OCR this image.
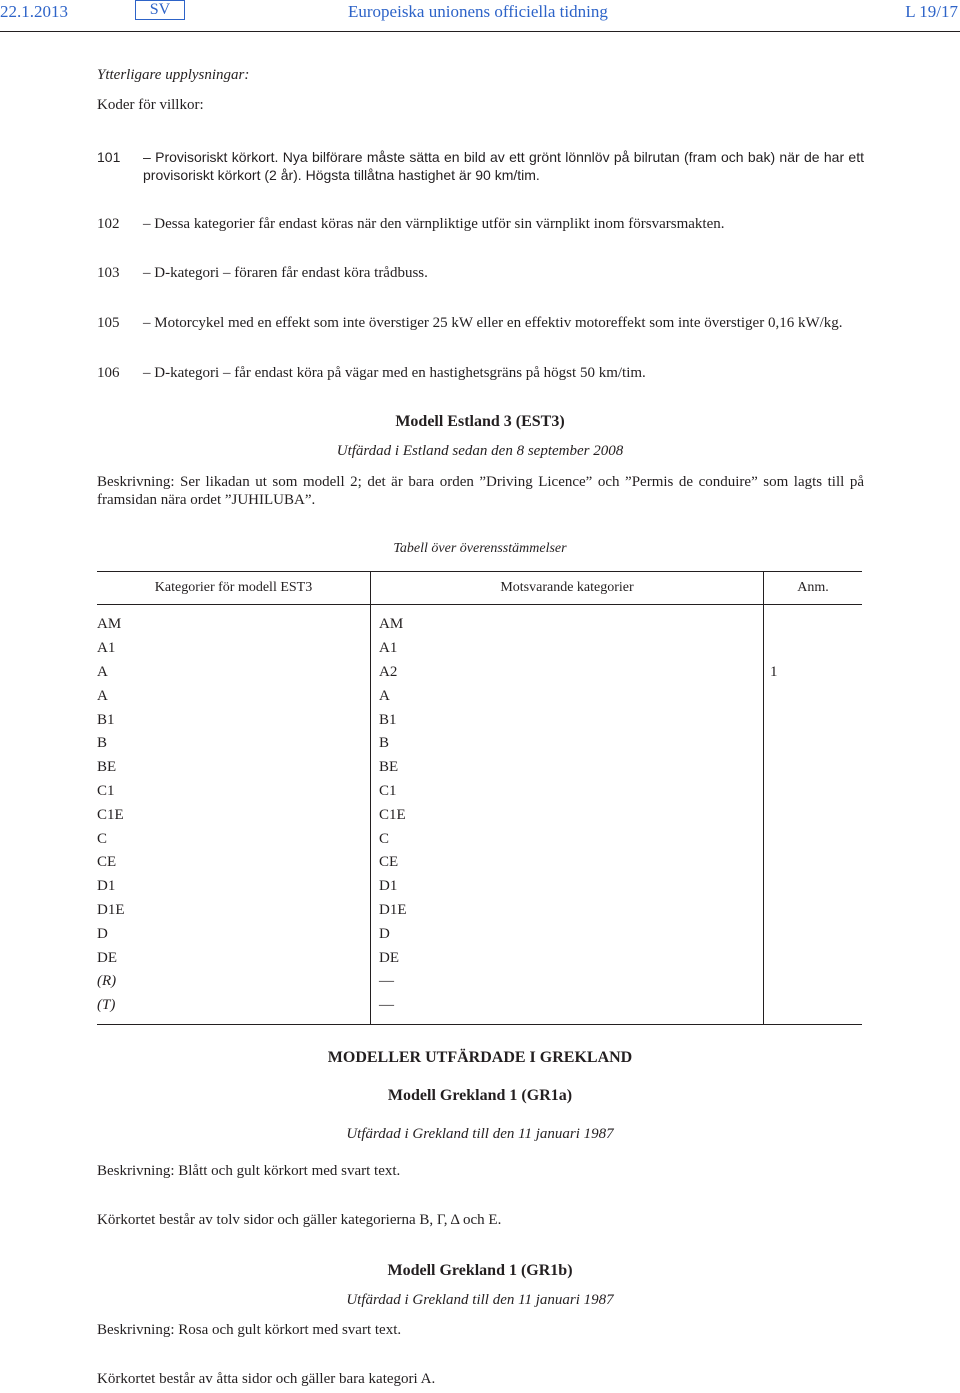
22.1.2013	SV	Europeiska unionens officiella tidning	L 19/17
Ytterligare upplysningar:
Koder för villkor:
101	– Provisoriskt körkort. Nya bilförare måste sätta en bild av ett grönt lönnlöv på bilrutan (fram och bak) när de har ett provisoriskt körkort (2 år). Högsta tillåtna hastighet är 90 km/tim.
102	– Dessa kategorier får endast köras när den värnpliktige utför sin värnplikt inom försvarsmakten.
103	– D-kategori – föraren får endast köra trådbuss.
105	– Motorcykel med en effekt som inte överstiger 25 kW eller en effektiv motoreffekt som inte överstiger 0,16 kW/kg.
106	– D-kategori – får endast köra på vägar med en hastighetsgräns på högst 50 km/tim.
Modell Estland 3 (EST3)
Utfärdad i Estland sedan den 8 september 2008
Beskrivning: Ser likadan ut som modell 2; det är bara orden ”Driving Licence” och ”Permis de conduire” som lagts till på framsidan nära ordet ”JUHILUBA”.
Tabell över överensstämmelser
Kategorier för modell EST3	Motsvarande kategorier	Anm.
AM	AM	
A1	A1	
A	A2	1
A	A	
B1	B1	
B	B	
BE	BE	
C1	C1	
C1E	C1E	
C	C	
CE	CE	
D1	D1	
D1E	D1E	
D	D	
DE	DE	
(R)	—	
(T)	—	
MODELLER UTFÄRDADE I GREKLAND
Modell Grekland 1 (GR1a)
Utfärdad i Grekland till den 11 januari 1987
Beskrivning: Blått och gult körkort med svart text.
Körkortet består av tolv sidor och gäller kategorierna B, Γ, Δ och E.
Modell Grekland 1 (GR1b)
Utfärdad i Grekland till den 11 januari 1987
Beskrivning: Rosa och gult körkort med svart text.
Körkortet består av åtta sidor och gäller bara kategori A.
